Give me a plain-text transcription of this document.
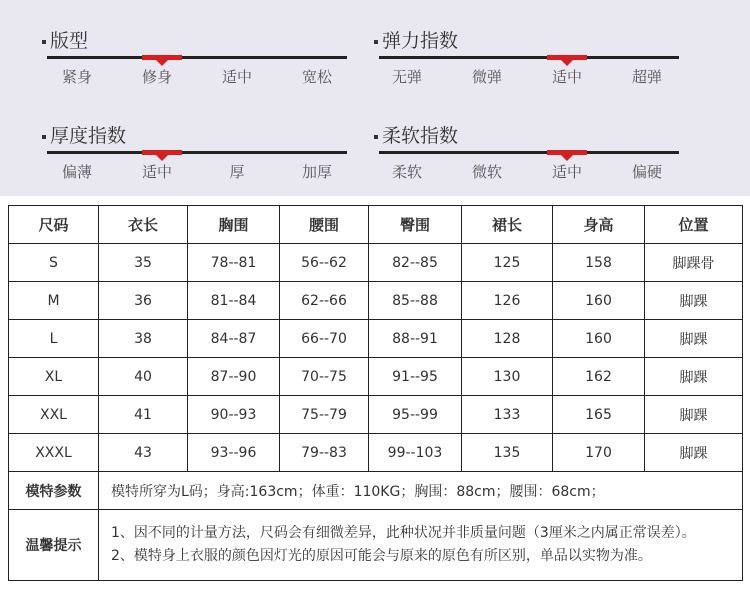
版型
紧身	修身	适中	宽松
弹力指数
无弹	微弹	适中	超弹
厚度指数
偏薄	适中	厚	加厚
柔软指数
柔软	微软	适中	偏硬
尺码	衣长	胸围	腰围	臀围	裙长	身高	位置
S	35	78--81	56--62	82--85	125	158	脚踝骨
M	36	81--84	62--66	85--88	126	160	脚踝
L	38	84--87	66--70	88--91	128	160	脚踝
XL	40	87--90	70--75	91--95	130	162	脚踝
XXL	41	90--93	75--79	95--99	133	165	脚踝
XXXL	43	93--96	79--83	99--103	135	170	脚踝
模特参数	模特所穿为L码；身高:163cm；体重：110KG；胸围：88cm；腰围：68cm；						
温馨提示	1、因不同的计量方法，尺码会有细微差异，此种状况并非质量问题（3厘米之内属正常误差）。
2、模特身上衣服的颜色因灯光的原因可能会与原来的原色有所区别，单品以实物为准。						
